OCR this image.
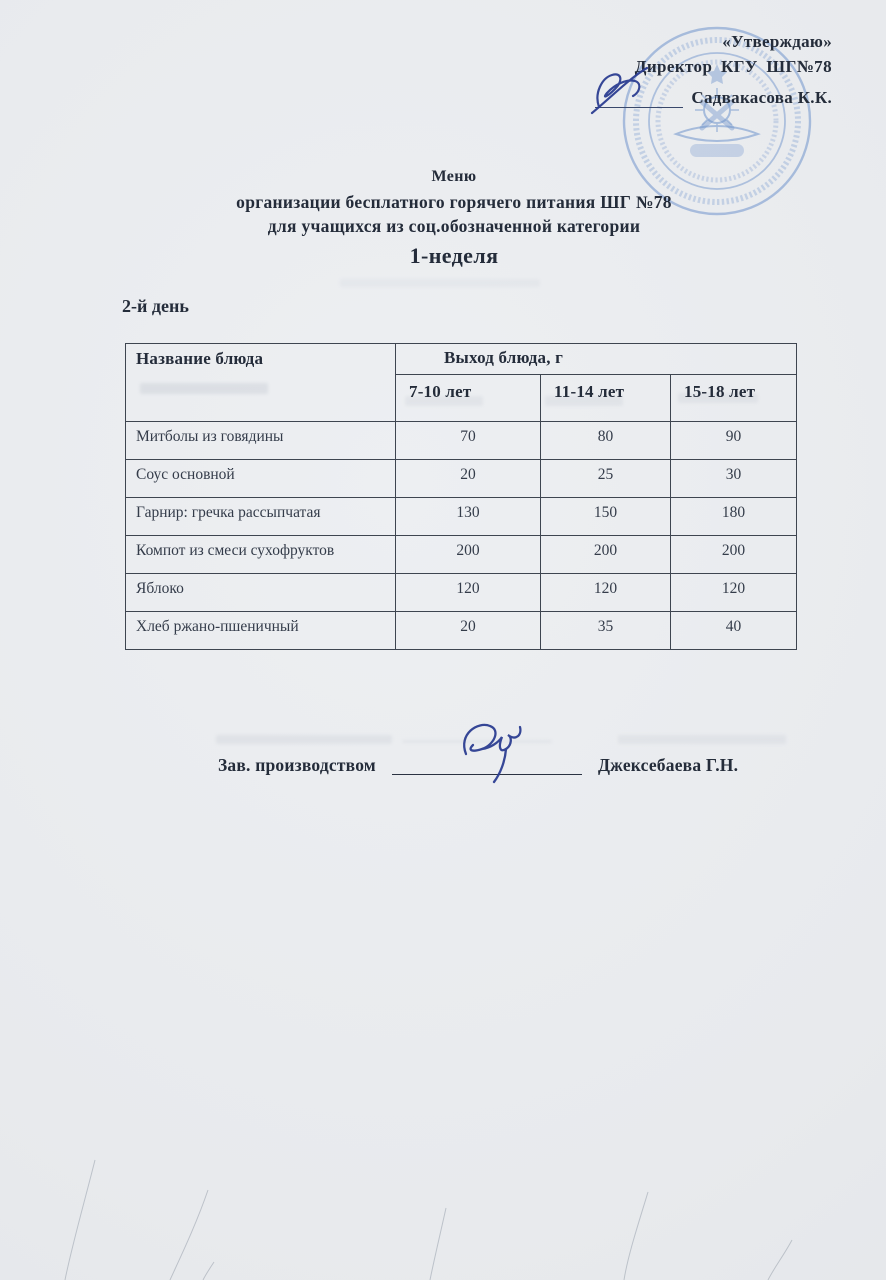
«Утверждаю»
Директор КГУ ШГ№78
Садвакасова К.К.
Меню
организации бесплатного горячего питания ШГ №78
для учащихся из соц.обозначенной категории
1-неделя
2-й день
Название блюда	Выход блюда, г		
	7-10 лет	11-14 лет	15-18 лет
Митболы из говядины	70	80	90
Соус основной	20	25	30
Гарнир: гречка рассыпчатая	130	150	180
Компот из смеси сухофруктов	200	200	200
Яблоко	120	120	120
Хлеб ржано-пшеничный	20	35	40
Зав. производством	Джексебаева Г.Н.
